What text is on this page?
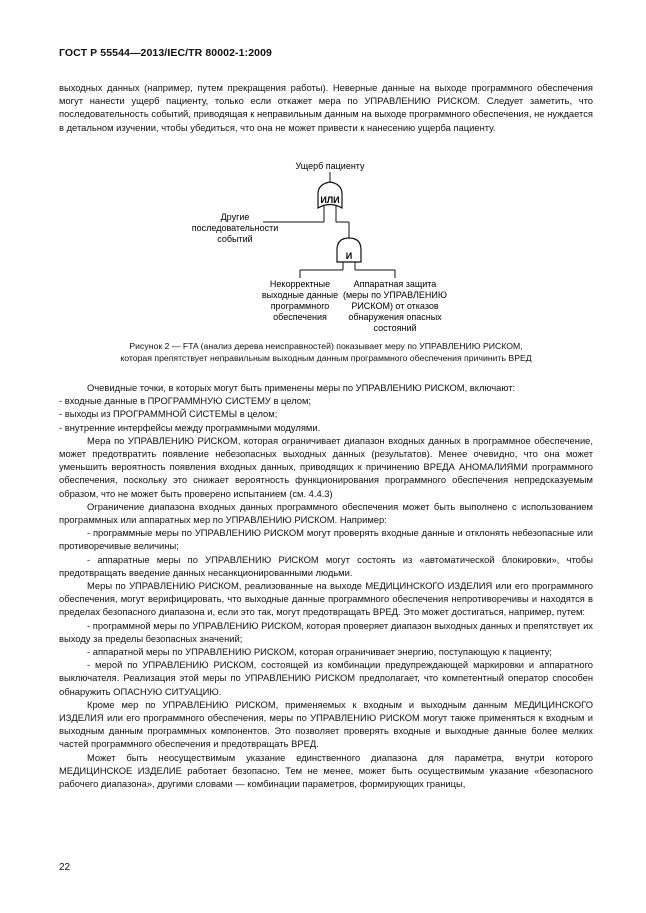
ГОСТ Р 55544—2013/IEC/TR 80002-1:2009

выходных данных (например, путем прекращения работы). Неверные данные на выходе программного обеспечения могут нанести ущерб пациенту, только если откажет мера по УПРАВЛЕНИЮ РИСКОМ. Следует заметить, что последовательность событий, приводящая к неправильным данным на выходе программного обеспечения, не нуждается в детальном изучении, чтобы убедиться, что она не может привести к нанесению ущерба пациенту.

Ущерб пациенту
ИЛИ
Другие
последовательности
событий
И
Некорректные
выходные данные
программного
обеспечения
Аппаратная защита
(меры по УПРАВЛЕНИЮ
РИСКОМ) от отказов
обнаружения опасных
состояний
Рисунок 2 — FTA (анализ дерева неисправностей) показывает меру по УПРАВЛЕНИЮ РИСКОМ,
которая препятствует неправильным выходным данным программного обеспечения причинить ВРЕД

Очевидные точки, в которых могут быть применены меры по УПРАВЛЕНИЮ РИСКОМ, включают:

- входные данные в ПРОГРАММНУЮ СИСТЕМУ в целом;

- выходы из ПРОГРАММНОЙ СИСТЕМЫ в целом;

- внутренние интерфейсы между программными модулями.

Мера по УПРАВЛЕНИЮ РИСКОМ, которая ограничивает диапазон входных данных в программное обеспечение, может предотвратить появление небезопасных выходных данных (результатов). Менее очевидно, что она может уменьшить вероятность появления входных данных, приводящих к причинению ВРЕДА АНОМАЛИЯМИ программного обеспечения, поскольку это снижает вероятность функционирования программного обеспечения непредсказуемым образом, что не может быть проверено испытанием (см. 4.4.3)

Ограничение диапазона входных данных программного обеспечения может быть выполнено с использованием программных или аппаратных мер по УПРАВЛЕНИЮ РИСКОМ. Например:

- программные меры по УПРАВЛЕНИЮ РИСКОМ могут проверять входные данные и отклонять небезопасные или противоречивые величины;

- аппаратные меры по УПРАВЛЕНИЮ РИСКОМ могут состоять из «автоматической блокировки», чтобы предотвращать введение данных несанкционированными людьми.

Меры по УПРАВЛЕНИЮ РИСКОМ, реализованные на выходе МЕДИЦИНСКОГО ИЗДЕЛИЯ или его программного обеспечения, могут верифицировать, что выходные данные программного обеспечения непротиворечивы и находятся в пределах безопасного диапазона и, если это так, могут предотвращать ВРЕД. Это может достигаться, например, путем:

- программной меры по УПРАВЛЕНИЮ РИСКОМ, которая проверяет диапазон выходных данных и препятствует их выходу за пределы безопасных значений;

- аппаратной меры по УПРАВЛЕНИЮ РИСКОМ, которая ограничивает энергию, поступающую к пациенту;

- мерой по УПРАВЛЕНИЮ РИСКОМ, состоящей из комбинации предупреждающей маркировки и аппаратного выключателя. Реализация этой меры по УПРАВЛЕНИЮ РИСКОМ предполагает, что компетентный оператор способен обнаружить ОПАСНУЮ СИТУАЦИЮ.

Кроме мер по УПРАВЛЕНИЮ РИСКОМ, применяемых к входным и выходным данным МЕДИЦИНСКОГО ИЗДЕЛИЯ или его программного обеспечения, меры по УПРАВЛЕНИЮ РИСКОМ могут также применяться к входным и выходным данным программных компонентов. Это позволяет проверять входные и выходные данные более мелких частей программного обеспечения и предотвращать ВРЕД.

Может быть неосуществимым указание единственного диапазона для параметра, внутри которого МЕДИЦИНСКОЕ ИЗДЕЛИЕ работает безопасно. Тем не менее, может быть осуществимым указание «безопасного рабочего диапазона», другими словами — комбинации параметров, формирующих границы,

22
